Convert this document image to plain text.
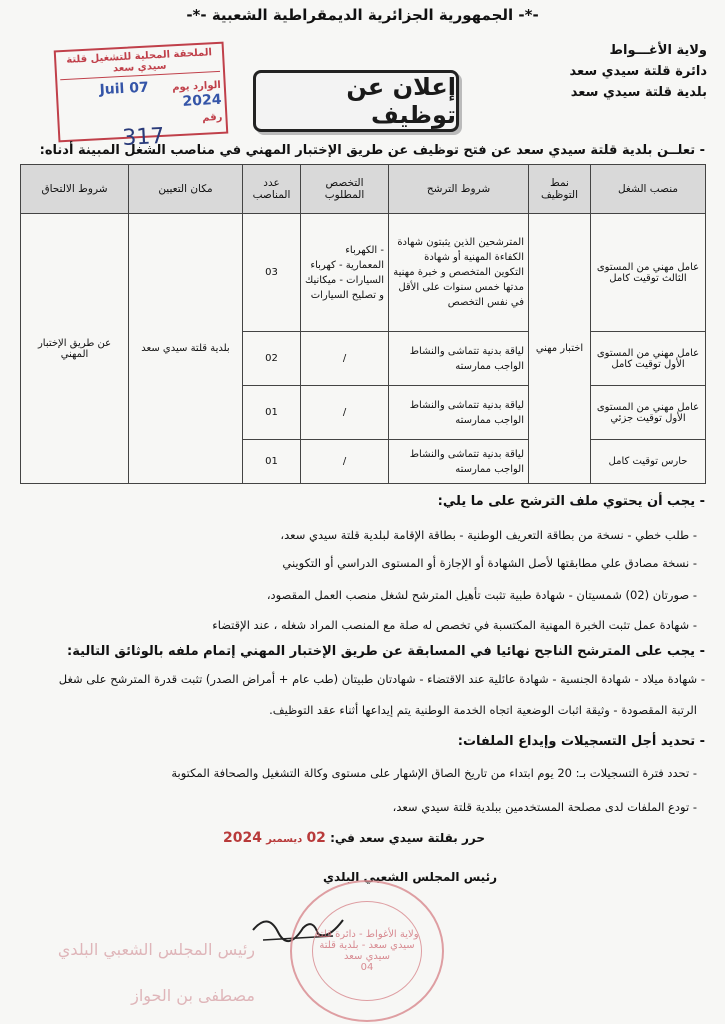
-*- الجمهورية الجزائرية الديمقراطية الشعبية -*-
ولاية الأغـــواط
دائرة قلتة سيدي سعد
بلدية قلتة سيدي سعد
الملحقة المحلية للتشغيل قلتة سيدي سعد
الوارد يوم 07 Juil 2024
رقم
317
إعلان عن توظيف
- تعلــن بلدية قلتة سيدي سعد عن فتح توظيف عن طريق الإختبار المهني في مناصب الشغل المبينة أدناه:
منصب الشغل	نمط التوظيف	شروط الترشح	التخصص المطلوب	عدد المناصب	مكان التعيين	شروط الالتحاق
عامل مهني من المستوى الثالث توقيت كامل	اختبار مهني	المترشحين الذين يثبتون شهادة الكفاءة المهنية أو شهادة التكوين المتخصص و خبرة مهنية مدتها خمس سنوات على الأقل في نفس التخصص	- الكهرباء المعمارية - كهرباء السيارات - ميكانيك و تصليح السيارات	03	بلدية قلتة سيدي سعد	عن طريق الإختبار المهني
عامل مهني من المستوى الأول توقيت كامل		لياقة بدنية تتماشى والنشاط الواجب ممارسته	/	02		
عامل مهني من المستوى الأول توقيت جزئي		لياقة بدنية تتماشى والنشاط الواجب ممارسته	/	01		
حارس توقيت كامل		لياقة بدنية تتماشى والنشاط الواجب ممارسته	/	01		
- يجب أن يحتوي ملف الترشح على ما يلي:
- طلب خطي - نسخة من بطاقة التعريف الوطنية - بطاقة الإقامة لبلدية قلتة سيدي سعد،
- نسخة مصادق علي مطابقتها لأصل الشهادة أو الإجازة أو المستوى الدراسي أو التكويني
- صورتان (02) شمسيتان - شهادة طبية تثبت تأهيل المترشح لشغل منصب العمل المقصود،
- شهادة عمل تثبت الخبرة المهنية المكتسبة في تخصص له صلة مع المنصب المراد شغله ، عند الإقتضاء
- يجب على المترشح الناجح نهائيا في المسابقة عن طريق الإختبار المهني إتمام ملفه بالوثائق التالية:
- شهادة ميلاد - شهادة الجنسية - شهادة عائلية عند الاقتضاء - شهادتان طبيتان (طب عام + أمراض الصدر) تثبت قدرة المترشح على شغل
الرتبة المقصودة - وثيقة اثبات الوضعية اتجاه الخدمة الوطنية يتم إيداعها أثناء عقد التوظيف.
- تحديد أجل التسجيلات وإيداع الملفات:
- تحدد فترة التسجيلات بـ: 20 يوم ابتداء من تاريخ الصاق الإشهار على مستوى وكالة التشغيل والصحافة المكتوبة
- تودع الملفات لدى مصلحة المستخدمين ببلدية قلتة سيدي سعد،
حرر بقلتة سيدي سعد في: 02 ديسمبر 2024
رئيس المجلس الشعبي البلدي
ولاية الأغواط - دائرة قلتة سيدي سعد - بلدية قلتة سيدي سعد
04
رئيس المجلس الشعبي البلدي
مصطفى بن الحواز
